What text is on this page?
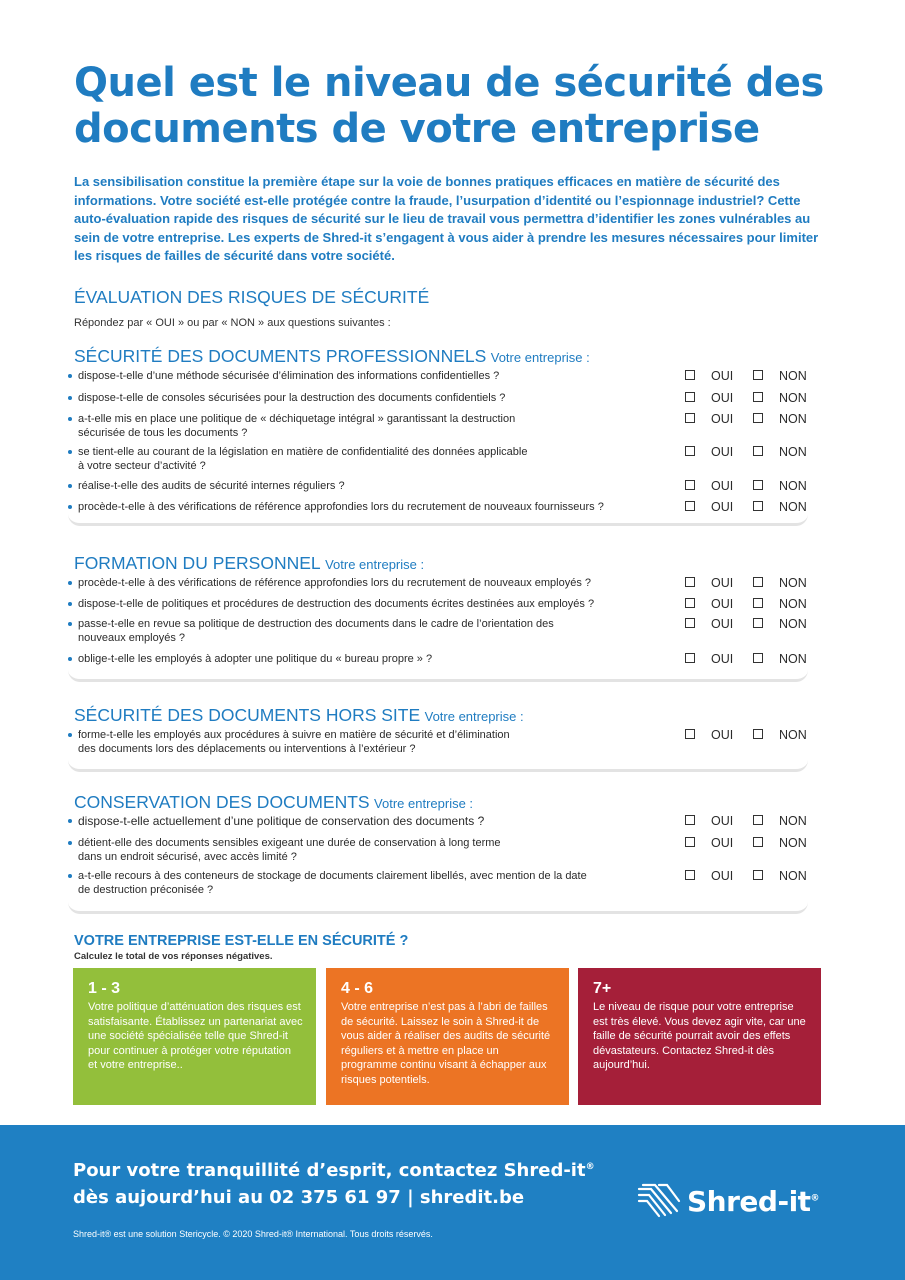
Quel est le niveau de sécurité des documents de votre entreprise

La sensibilisation constitue la première étape sur la voie de bonnes pratiques efficaces en matière de sécurité des informations. Votre société est-elle protégée contre la fraude, l’usurpation d’identité ou l’espionnage industriel? Cette auto-évaluation rapide des risques de sécurité sur le lieu de travail vous permettra d’identifier les zones vulnérables au sein de votre entreprise. Les experts de Shred-it s’engagent à vous aider à prendre les mesures nécessaires pour limiter les risques de failles de sécurité dans votre société.

ÉVALUATION DES RISQUES DE SÉCURITÉ

Répondez par « OUI » ou par « NON » aux questions suivantes :

SÉCURITÉ DES DOCUMENTS PROFESSIONNELS Votre entreprise :
dispose-t-elle d’une méthode sécurisée d’élimination des informations confidentielles ?	OUI	NON
dispose-t-elle de consoles sécurisées pour la destruction des documents confidentiels ?	OUI	NON
a-t-elle mis en place une politique de « déchiquetage intégral » garantissant la destruction
sécurisée de tous les documents ?
OUI	NON
se tient-elle au courant de la législation en matière de confidentialité des données applicable
à votre secteur d’activité ?
OUI	NON
réalise-t-elle des audits de sécurité internes réguliers ?	OUI	NON
procède-t-elle à des vérifications de référence approfondies lors du recrutement de nouveaux fournisseurs ?	OUI	NON
FORMATION DU PERSONNEL Votre entreprise :
procède-t-elle à des vérifications de référence approfondies lors du recrutement de nouveaux employés ?	OUI	NON
dispose-t-elle de politiques et procédures de destruction des documents écrites destinées aux employés ?	OUI	NON
passe-t-elle en revue sa politique de destruction des documents dans le cadre de l’orientation des
nouveaux employés ?
OUI	NON
oblige-t-elle les employés à adopter une politique du « bureau propre » ?	OUI	NON
SÉCURITÉ DES DOCUMENTS HORS SITE Votre entreprise :
forme-t-elle les employés aux procédures à suivre en matière de sécurité et d’élimination
des documents lors des déplacements ou interventions à l’extérieur ?
OUI	NON
CONSERVATION DES DOCUMENTS Votre entreprise :
dispose-t-elle actuellement d’une politique de conservation des documents ?	OUI	NON
détient-elle des documents sensibles exigeant une durée de conservation à long terme
dans un endroit sécurisé, avec accès limité ?
OUI	NON
a-t-elle recours à des conteneurs de stockage de documents clairement libellés, avec mention de la date
de destruction préconisée ?
OUI	NON
VOTRE ENTREPRISE EST-ELLE EN SÉCURITÉ ?

Calculez le total de vos réponses négatives.

1 - 3
Votre politique d’atténuation des risques est satisfaisante. Établissez un partenariat avec une société spécialisée telle que Shred-it pour continuer à protéger votre réputation et votre entreprise..
4 - 6
Votre entreprise n’est pas à l’abri de failles de sécurité. Laissez le soin à Shred-it de vous aider à réaliser des audits de sécurité réguliers et à mettre en place un programme continu visant à échapper aux risques potentiels.
7+
Le niveau de risque pour votre entreprise est très élevé. Vous devez agir vite, car une faille de sécurité pourrait avoir des effets dévastateurs. Contactez Shred-it dès aujourd’hui.
Pour votre tranquillité d’esprit, contactez Shred-it®
dès aujourd’hui au 02 375 61 97 | shredit.be
Shred-it® est une solution Stericycle. © 2020 Shred-it® International. Tous droits réservés.
Shred-it®
